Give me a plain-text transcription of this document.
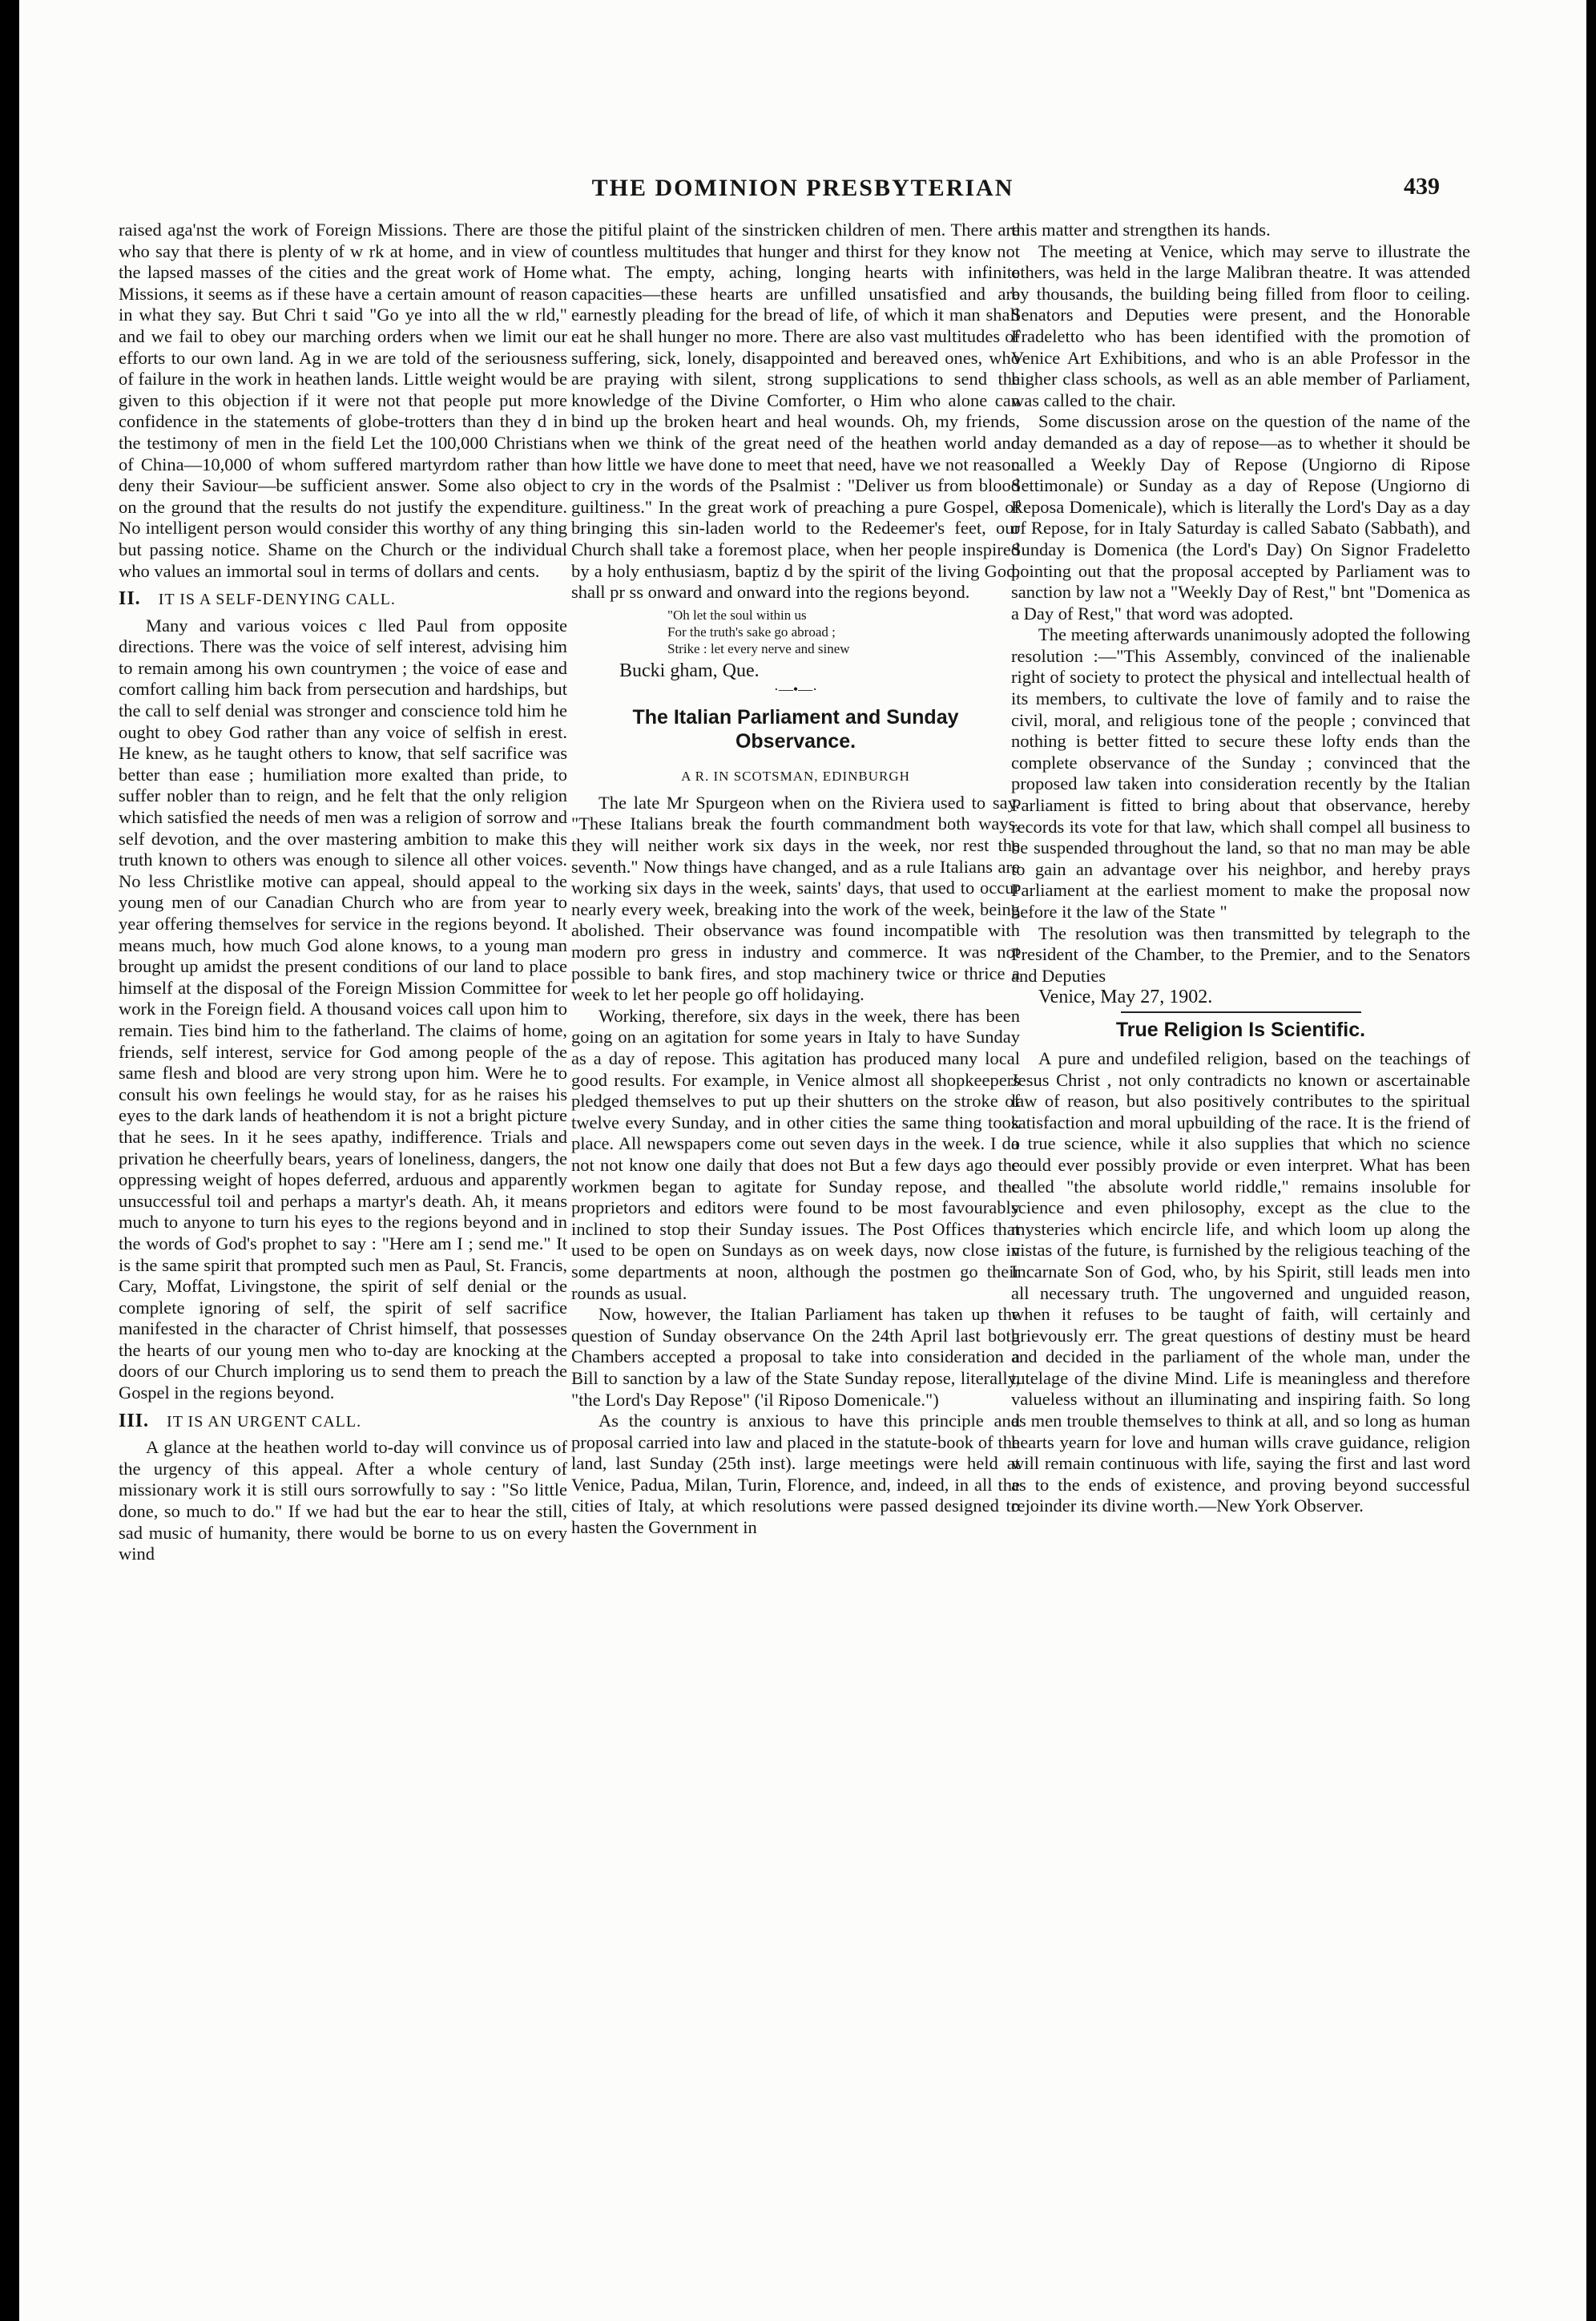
THE DOMINION PRESBYTERIAN	439

raised aga'nst the work of Foreign Missions. There are those who say that there is plenty of w rk at home, and in view of the lapsed masses of the cities and the great work of Home Missions, it seems as if these have a certain amount of reason in what they say. But Chri t said "Go ye into all the w rld," and we fail to obey our marching orders when we limit our efforts to our own land. Ag in we are told of the seriousness of failure in the work in heathen lands. Little weight would be given to this objection if it were not that people put more confidence in the statements of globe-trotters than they d in the testimony of men in the field Let the 100,000 Christians of China—10,000 of whom suffered martyrdom rather than deny their Saviour—be sufficient answer. Some also object on the ground that the results do not justify the expenditure. No intelligent person would consider this worthy of any thing but passing notice. Shame on the Church or the individual who values an immortal soul in terms of dollars and cents.

II. IT IS A SELF-DENYING CALL.

Many and various voices c lled Paul from opposite directions. There was the voice of self interest, advising him to remain among his own countrymen ; the voice of ease and comfort calling him back from persecution and hardships, but the call to self denial was stronger and conscience told him he ought to obey God rather than any voice of selfish in erest. He knew, as he taught others to know, that self sacrifice was better than ease ; humiliation more exalted than pride, to suffer nobler than to reign, and he felt that the only religion which satisfied the needs of men was a religion of sorrow and self devotion, and the over mastering ambition to make this truth known to others was enough to silence all other voices. No less Christlike motive can appeal, should appeal to the young men of our Canadian Church who are from year to year offering themselves for service in the regions beyond. It means much, how much God alone knows, to a young man brought up amidst the present conditions of our land to place himself at the disposal of the Foreign Mission Committee for work in the Foreign field. A thousand voices call upon him to remain. Ties bind him to the fatherland. The claims of home, friends, self interest, service for God among people of the same flesh and blood are very strong upon him. Were he to consult his own feelings he would stay, for as he raises his eyes to the dark lands of heathendom it is not a bright picture that he sees. In it he sees apathy, indifference. Trials and privation he cheerfully bears, years of loneliness, dangers, the oppressing weight of hopes deferred, arduous and apparently unsuccessful toil and perhaps a martyr's death. Ah, it means much to anyone to turn his eyes to the regions beyond and in the words of God's prophet to say : "Here am I ; send me." It is the same spirit that prompted such men as Paul, St. Francis, Cary, Moffat, Livingstone, the spirit of self denial or the complete ignoring of self, the spirit of self sacrifice manifested in the character of Christ himself, that possesses the hearts of our young men who to-day are knocking at the doors of our Church imploring us to send them to preach the Gospel in the regions beyond.

III. IT IS AN URGENT CALL.

A glance at the heathen world to-day will convince us of the urgency of this appeal. After a whole century of missionary work it is still ours sorrowfully to say : "So little done, so much to do." If we had but the ear to hear the still, sad music of humanity, there would be borne to us on every wind

the pitiful plaint of the sinstricken children of men. There are countless multitudes that hunger and thirst for they know not what. The empty, aching, longing hearts with infinite capacities—these hearts are unfilled unsatisfied and are earnestly pleading for the bread of life, of which it man shall eat he shall hunger no more. There are also vast multitudes of suffering, sick, lonely, disappointed and bereaved ones, who are praying with silent, strong supplications to send the knowledge of the Divine Comforter, o Him who alone can bind up the broken heart and heal wounds. Oh, my friends, when we think of the great need of the heathen world and how little we have done to meet that need, have we not reason to cry in the words of the Psalmist : "Deliver us from blood guiltiness." In the great work of preaching a pure Gospel, of bringing this sin-laden world to the Redeemer's feet, our Church shall take a foremost place, when her people inspired by a holy enthusiasm, baptiz d by the spirit of the living God, shall pr ss onward and onward into the regions beyond.

"Oh let the soul within us
For the truth's sake go abroad ;
Strike : let every nerve and sinew
Bucki gham, Que.
·—•—·
The Italian Parliament and Sunday Observance.
A R. IN SCOTSMAN, EDINBURGH

The late Mr Spurgeon when on the Riviera used to say. "These Italians break the fourth commandment both ways, they will neither work six days in the week, nor rest the seventh." Now things have changed, and as a rule Italians are working six days in the week, saints' days, that used to occur nearly every week, breaking into the work of the week, being abolished. Their observance was found incompatible with modern pro gress in industry and commerce. It was not possible to bank fires, and stop machinery twice or thrice a week to let her people go off holidaying.

Working, therefore, six days in the week, there has been going on an agitation for some years in Italy to have Sunday as a day of repose. This agitation has produced many local good results. For example, in Venice almost all shopkeepers pledged themselves to put up their shutters on the stroke of twelve every Sunday, and in other cities the same thing took place. All newspapers come out seven days in the week. I do not not know one daily that does not But a few days ago the workmen began to agitate for Sunday repose, and the proprietors and editors were found to be most favourably inclined to stop their Sunday issues. The Post Offices that used to be open on Sundays as on week days, now close in some departments at noon, although the postmen go their rounds as usual.

Now, however, the Italian Parliament has taken up the question of Sunday observance On the 24th April last both Chambers accepted a proposal to take into consideration a Bill to sanction by a law of the State Sunday repose, literally, "the Lord's Day Repose" ('il Riposo Domenicale.")

As the country is anxious to have this principle and proposal carried into law and placed in the statute-book of the land, last Sunday (25th inst). large meetings were held at Venice, Padua, Milan, Turin, Florence, and, indeed, in all the cities of Italy, at which resolutions were passed designed to hasten the Government in

this matter and strengthen its hands.

The meeting at Venice, which may serve to illustrate the others, was held in the large Malibran theatre. It was attended by thousands, the building being filled from floor to ceiling. Senators and Deputies were present, and the Honorable Fradeletto who has been identified with the promotion of Venice Art Exhibitions, and who is an able Professor in the higher class schools, as well as an able member of Parliament, was called to the chair.

Some discussion arose on the question of the name of the day demanded as a day of repose—as to whether it should be called a Weekly Day of Repose (Ungiorno di Ripose Settimonale) or Sunday as a day of Repose (Ungiorno di Reposa Domenicale), which is literally the Lord's Day as a day of Repose, for in Italy Saturday is called Sabato (Sabbath), and Sunday is Domenica (the Lord's Day) On Signor Fradeletto pointing out that the proposal accepted by Parliament was to sanction by law not a "Weekly Day of Rest," bnt "Domenica as a Day of Rest," that word was adopted.

The meeting afterwards unanimously adopted the following resolution :—"This Assembly, convinced of the inalienable right of society to protect the physical and intellectual health of its members, to cultivate the love of family and to raise the civil, moral, and religious tone of the people ; convinced that nothing is better fitted to secure these lofty ends than the complete observance of the Sunday ; convinced that the proposed law taken into consideration recently by the Italian Parliament is fitted to bring about that observance, hereby records its vote for that law, which shall compel all business to be suspended throughout the land, so that no man may be able to gain an advantage over his neighbor, and hereby prays Parliament at the earliest moment to make the proposal now before it the law of the State "

The resolution was then transmitted by telegraph to the President of the Chamber, to the Premier, and to the Senators and Deputies

Venice, May 27, 1902.

True Religion Is Scientific.

A pure and undefiled religion, based on the teachings of Jesus Christ , not only contradicts no known or ascertainable law of reason, but also positively contributes to the spiritual satisfaction and moral upbuilding of the race. It is the friend of a true science, while it also supplies that which no science could ever possibly provide or even interpret. What has been called "the absolute world riddle," remains insoluble for science and even philosophy, except as the clue to the mysteries which encircle life, and which loom up along the vistas of the future, is furnished by the religious teaching of the Incarnate Son of God, who, by his Spirit, still leads men into all necessary truth. The ungoverned and unguided reason, when it refuses to be taught of faith, will certainly and grievously err. The great questions of destiny must be heard and decided in the parliament of the whole man, under the tutelage of the divine Mind. Life is meaningless and therefore valueless without an illuminating and inspiring faith. So long as men trouble themselves to think at all, and so long as human hearts yearn for love and human wills crave guidance, religion will remain continuous with life, saying the first and last word as to the ends of existence, and proving beyond successful rejoinder its divine worth.—New York Observer.
